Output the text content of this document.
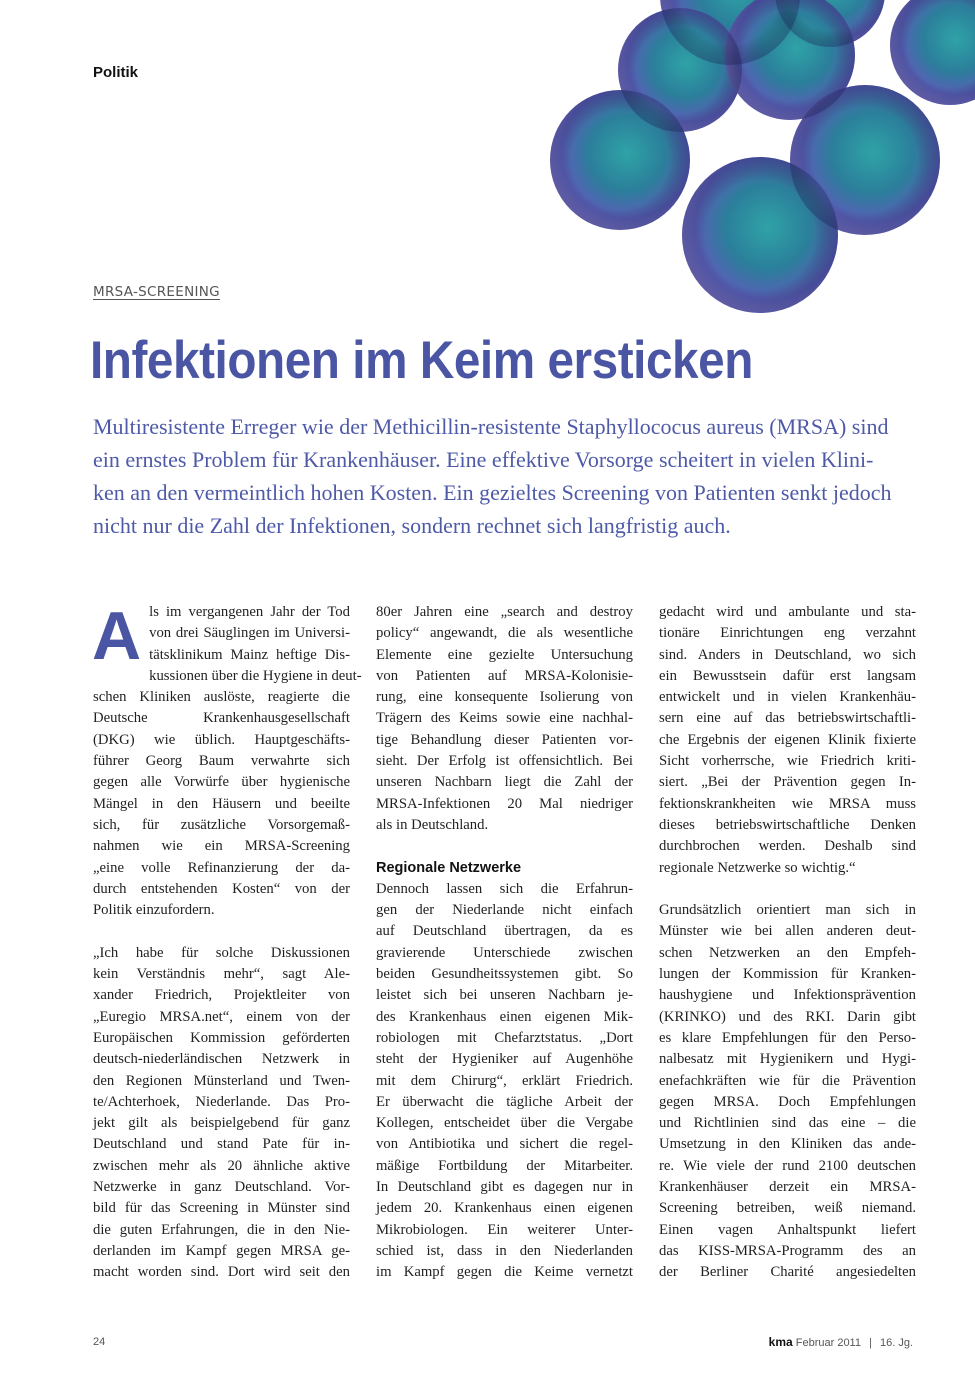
Politik
MRSA-SCREENING
Infektionen im Keim ersticken

Multiresistente Erreger wie der Methicillin-resistente Staphyllococus aureus (MRSA) sind
ein ernstes Problem für Krankenhäuser. Eine effektive Vorsorge scheitert in vielen Klini-
ken an den vermeintlich hohen Kosten. Ein gezieltes Screening von Patienten senkt jedoch
nicht nur die Zahl der Infektionen, sondern rechnet sich langfristig auch.

A ls im vergangenen Jahr der Tod
von drei Säuglingen im Universi-
tätsklinikum Mainz heftige Dis-
kussionen über die Hygiene in deut-
schen Kliniken auslöste, reagierte die
Deutsche Krankenhausgesellschaft
(DKG) wie üblich. Hauptgeschäfts-
führer Georg Baum verwahrte sich
gegen alle Vorwürfe über hygienische
Mängel in den Häusern und beeilte
sich, für zusätzliche Vorsorgemaß-
nahmen wie ein MRSA-Screening
„eine volle Refinanzierung der da-
durch entstehenden Kosten“ von der
Politik einzufordern.

„Ich habe für solche Diskussionen
kein Verständnis mehr“, sagt Ale-
xander Friedrich, Projektleiter von
„Euregio MRSA.net“, einem von der
Europäischen Kommission geförderten
deutsch-niederländischen Netzwerk in
den Regionen Münsterland und Twen-
te/Achterhoek, Niederlande. Das Pro-
jekt gilt als beispielgebend für ganz
Deutschland und stand Pate für in-
zwischen mehr als 20 ähnliche aktive
Netzwerke in ganz Deutschland. Vor-
bild für das Screening in Münster sind
die guten Erfahrungen, die in den Nie-
derlanden im Kampf gegen MRSA ge-
macht worden sind. Dort wird seit den

80er Jahren eine „search and destroy
policy“ angewandt, die als wesentliche
Elemente eine gezielte Untersuchung
von Patienten auf MRSA-Kolonisie-
rung, eine konsequente Isolierung von
Trägern des Keims sowie eine nachhal-
tige Behandlung dieser Patienten vor-
sieht. Der Erfolg ist offensichtlich. Bei
unseren Nachbarn liegt die Zahl der
MRSA-Infektionen 20 Mal niedriger
als in Deutschland.

Regionale Netzwerke

Dennoch lassen sich die Erfahrun-
gen der Niederlande nicht einfach
auf Deutschland übertragen, da es
gravierende Unterschiede zwischen
beiden Gesundheitssystemen gibt. So
leistet sich bei unseren Nachbarn je-
des Krankenhaus einen eigenen Mik-
robiologen mit Chefarztstatus. „Dort
steht der Hygieniker auf Augenhöhe
mit dem Chirurg“, erklärt Friedrich.
Er überwacht die tägliche Arbeit der
Kollegen, entscheidet über die Vergabe
von Antibiotika und sichert die regel-
mäßige Fortbildung der Mitarbeiter.
In Deutschland gibt es dagegen nur in
jedem 20. Krankenhaus einen eigenen
Mikrobiologen. Ein weiterer Unter-
schied ist, dass in den Niederlanden
im Kampf gegen die Keime vernetzt

gedacht wird und ambulante und sta-
tionäre Einrichtungen eng verzahnt
sind. Anders in Deutschland, wo sich
ein Bewusstsein dafür erst langsam
entwickelt und in vielen Krankenhäu-
sern eine auf das betriebswirtschaftli-
che Ergebnis der eigenen Klinik fixierte
Sicht vorherrsche, wie Friedrich kriti-
siert. „Bei der Prävention gegen In-
fektionskrankheiten wie MRSA muss
dieses betriebswirtschaftliche Denken
durchbrochen werden. Deshalb sind
regionale Netzwerke so wichtig.“

Grundsätzlich orientiert man sich in
Münster wie bei allen anderen deut-
schen Netzwerken an den Empfeh-
lungen der Kommission für Kranken-
haushygiene und Infektionsprävention
(KRINKO) und des RKI. Darin gibt
es klare Empfehlungen für den Perso-
nalbesatz mit Hygienikern und Hygi-
enefachkräften wie für die Prävention
gegen MRSA. Doch Empfehlungen
und Richtlinien sind das eine – die
Umsetzung in den Kliniken das ande-
re. Wie viele der rund 2100 deutschen
Krankenhäuser derzeit ein MRSA-
Screening betreiben, weiß niemand.
Einen vagen Anhaltspunkt liefert
das KISS-MRSA-Programm des an
der Berliner Charité angesiedelten

24	kma Februar 2011 | 16. Jg.
